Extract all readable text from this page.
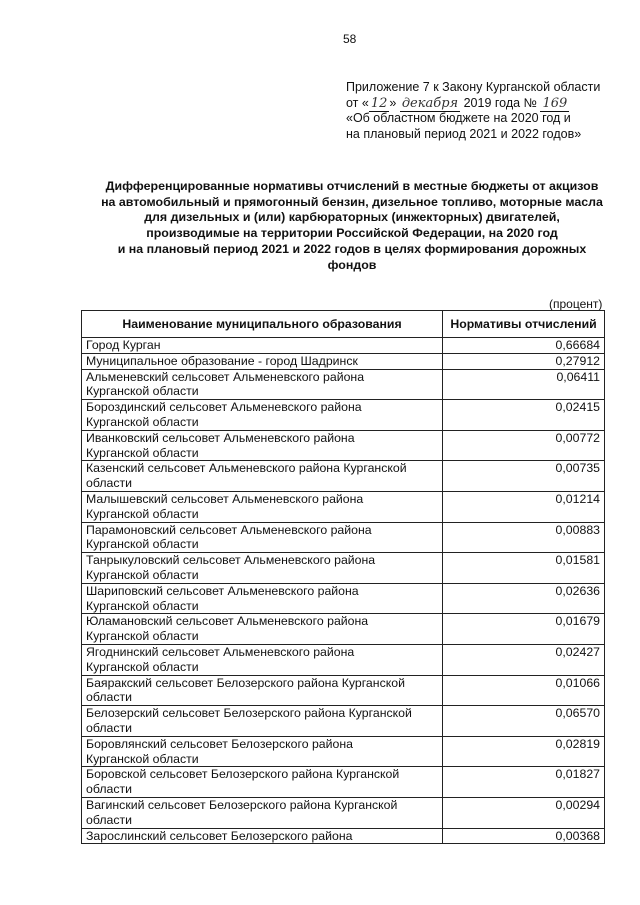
58
Приложение 7 к Закону Курганской области
от « 12 » декабря 2019 года № 169
«Об областном бюджете на 2020 год и
на плановый период 2021 и 2022 годов»
Дифференцированные нормативы отчислений в местные бюджеты от акцизов
на автомобильный и прямогонный бензин, дизельное топливо, моторные масла
для дизельных и (или) карбюраторных (инжекторных) двигателей,
производимые на территории Российской Федерации, на 2020 год
и на плановый период 2021 и 2022 годов в целях формирования дорожных
фондов
(процент)
Наименование муниципального образования	Нормативы отчислений

Город Курган	0,66684

Муниципальное образование - город Шадринск	0,27912

Альменевский сельсовет Альменевского района
Курганской области	0,06411

Бороздинский сельсовет Альменевского района
Курганской области	0,02415

Иванковский сельсовет Альменевского района
Курганской области	0,00772

Казенский сельсовет Альменевского района Курганской
области	0,00735

Малышевский сельсовет Альменевского района
Курганской области	0,01214

Парамоновский сельсовет Альменевского района
Курганской области	0,00883

Танрыкуловский сельсовет Альменевского района
Курганской области	0,01581

Шариповский сельсовет Альменевского района
Курганской области	0,02636

Юламановский сельсовет Альменевского района
Курганской области	0,01679

Ягоднинский сельсовет Альменевского района
Курганской области	0,02427

Баяракский сельсовет Белозерского района Курганской
области	0,01066

Белозерский сельсовет Белозерского района Курганской
области	0,06570

Боровлянский сельсовет Белозерского района
Курганской области	0,02819

Боровской сельсовет Белозерского района Курганской
области	0,01827

Вагинский сельсовет Белозерского района Курганской
области	0,00294

Зарослинский сельсовет Белозерского района	0,00368
